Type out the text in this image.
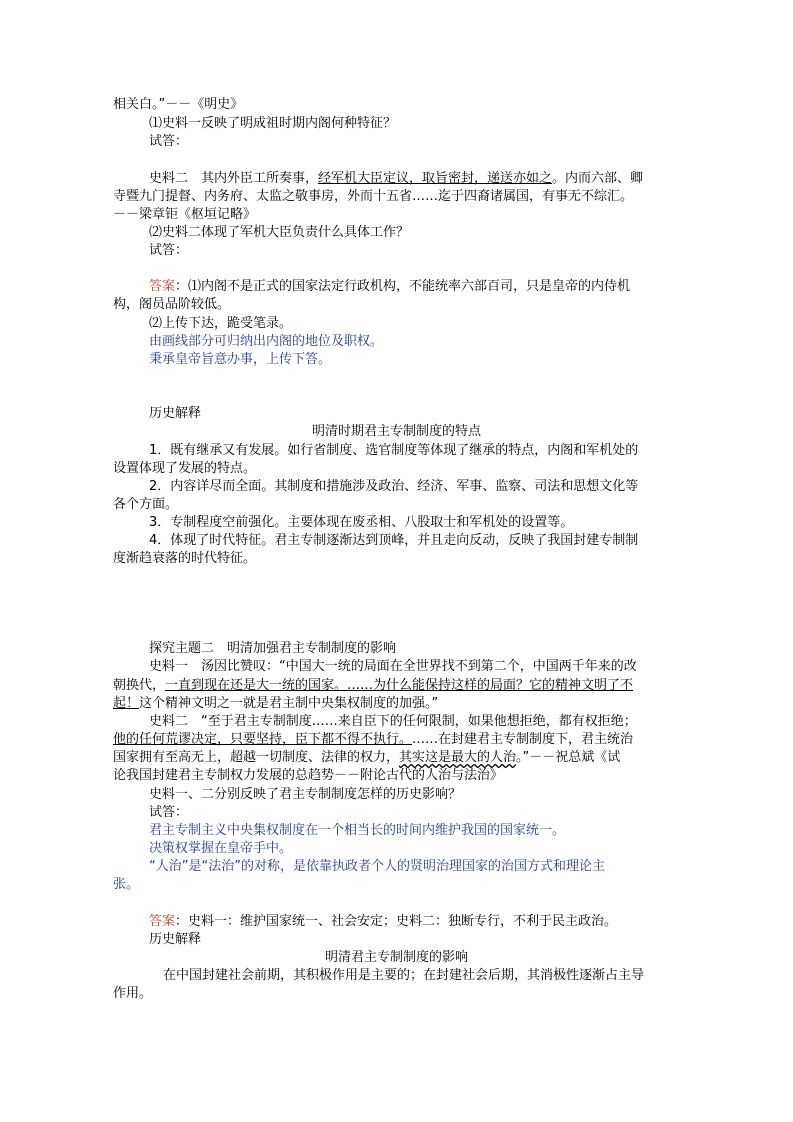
相关白。”－－《明史》
⑴史料一反映了明成祖时期内阁何种特征？
试答：
史料二　其内外臣工所奏事，经军机大臣定议，取旨密封，递送亦如之。内而六部、卿
寺暨九门提督、内务府、太监之敬事房，外而十五省……迄于四裔诸属国，有事无不综汇。
－－梁章钜《枢垣记略》
⑵史料二体现了军机大臣负责什么具体工作？
试答：
答案：⑴内阁不是正式的国家法定行政机构，不能统率六部百司，只是皇帝的内侍机
构，阁员品阶较低。
⑵上传下达，跪受笔录。
由画线部分可归纳出内阁的地位及职权。
秉承皇帝旨意办事，上传下答。
历史解释
明清时期君主专制制度的特点
1．既有继承又有发展。如行省制度、选官制度等体现了继承的特点，内阁和军机处的
设置体现了发展的特点。
2．内容详尽而全面。其制度和措施涉及政治、经济、军事、监察、司法和思想文化等
各个方面。
3．专制程度空前强化。主要体现在废丞相、八股取士和军机处的设置等。
4．体现了时代特征。君主专制逐渐达到顶峰，并且走向反动，反映了我国封建专制制
度渐趋衰落的时代特征。
探究主题二　明清加强君主专制制度的影响
史料一　汤因比赞叹：“中国大一统的局面在全世界找不到第二个，中国两千年来的改
朝换代，一直到现在还是大一统的国家。……为什么能保持这样的局面？它的精神文明了不
起！这个精神文明之一就是君主制中央集权制度的加强。”
史料二　“至于君主专制制度……来自臣下的任何限制，如果他想拒绝，都有权拒绝；
他的任何荒谬决定，只要坚持，臣下都不得不执行。……在封建君主专制制度下，君主统治
国家拥有至高无上，超越一切制度、法律的权力，其实这是最大的人治。”－－祝总斌《试
论我国封建君主专制权力发展的总趋势－－附论古代的人治与法治》
史料一、二分别反映了君主专制制度怎样的历史影响？
试答：
君主专制主义中央集权制度在一个相当长的时间内维护我国的国家统一。
决策权掌握在皇帝手中。
“人治”是“法治”的对称，是依靠执政者个人的贤明治理国家的治国方式和理论主
张。
答案：史料一：维护国家统一、社会安定；史料二：独断专行，不利于民主政治。
历史解释
明清君主专制制度的影响
在中国封建社会前期，其积极作用是主要的；在封建社会后期，其消极性逐渐占主导
作用。
